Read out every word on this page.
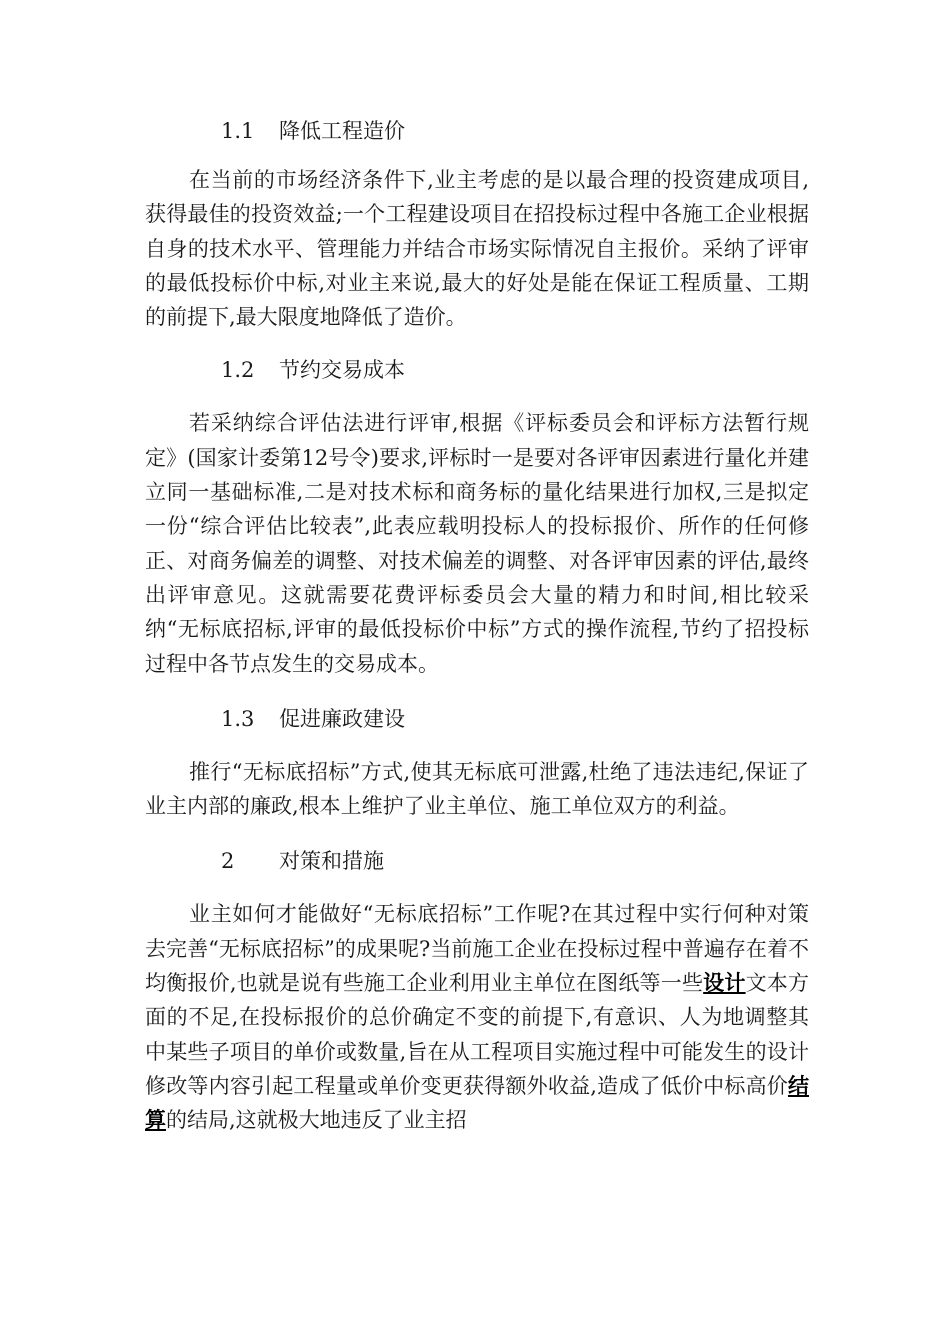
1.1 降低工程造价

在当前的市场经济条件下,业主考虑的是以最合理的投资建成项目,获得最佳的投资效益;一个工程建设项目在招投标过程中各施工企业根据自身的技术水平、管理能力并结合市场实际情况自主报价。采纳了评审的最低投标价中标,对业主来说,最大的好处是能在保证工程质量、工期的前提下,最大限度地降低了造价。

1.2 节约交易成本

若采纳综合评估法进行评审,根据《评标委员会和评标方法暂行规定》(国家计委第12号令)要求,评标时一是要对各评审因素进行量化并建立同一基础标准,二是对技术标和商务标的量化结果进行加权,三是拟定一份“综合评估比较表”,此表应载明投标人的投标报价、所作的任何修正、对商务偏差的调整、对技术偏差的调整、对各评审因素的评估,最终出评审意见。这就需要花费评标委员会大量的精力和时间,相比较采纳“无标底招标,评审的最低投标价中标”方式的操作流程,节约了招投标过程中各节点发生的交易成本。

1.3 促进廉政建设

推行“无标底招标”方式,使其无标底可泄露,杜绝了违法违纪,保证了业主内部的廉政,根本上维护了业主单位、施工单位双方的利益。

2 对策和措施

业主如何才能做好“无标底招标”工作呢?在其过程中实行何种对策去完善“无标底招标”的成果呢?当前施工企业在投标过程中普遍存在着不均衡报价,也就是说有些施工企业利用业主单位在图纸等一些设计文本方面的不足,在投标报价的总价确定不变的前提下,有意识、人为地调整其中某些子项目的单价或数量,旨在从工程项目实施过程中可能发生的设计修改等内容引起工程量或单价变更获得额外收益,造成了低价中标高价结算的结局,这就极大地违反了业主招
